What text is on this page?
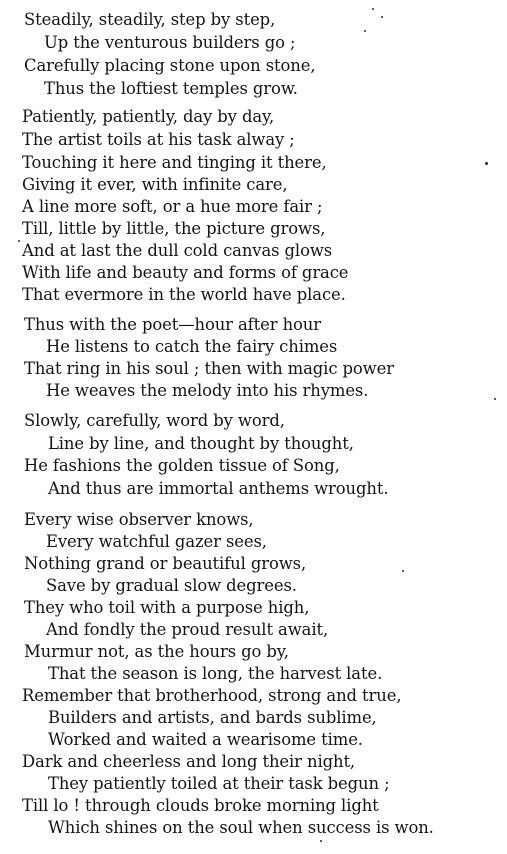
Steadily, steadily, step by step,
Up the venturous builders go ;
Carefully placing stone upon stone,
Thus the loftiest temples grow.
Patiently, patiently, day by day,
The artist toils at his task alway ;
Touching it here and tinging it there,
Giving it ever, with infinite care,
A line more soft, or a hue more fair ;
Till, little by little, the picture grows,
And at last the dull cold canvas glows
With life and beauty and forms of grace
That evermore in the world have place.
Thus with the poet—hour after hour
He listens to catch the fairy chimes
That ring in his soul ; then with magic power
He weaves the melody into his rhymes.
Slowly, carefully, word by word,
Line by line, and thought by thought,
He fashions the golden tissue of Song,
And thus are immortal anthems wrought.
Every wise observer knows,
Every watchful gazer sees,
Nothing grand or beautiful grows,
Save by gradual slow degrees.
They who toil with a purpose high,
And fondly the proud result await,
Murmur not, as the hours go by,
That the season is long, the harvest late.
Remember that brotherhood, strong and true,
Builders and artists, and bards sublime,
Worked and waited a wearisome time.
Dark and cheerless and long their night,
They patiently toiled at their task begun ;
Till lo ! through clouds broke morning light
Which shines on the soul when success is won.
